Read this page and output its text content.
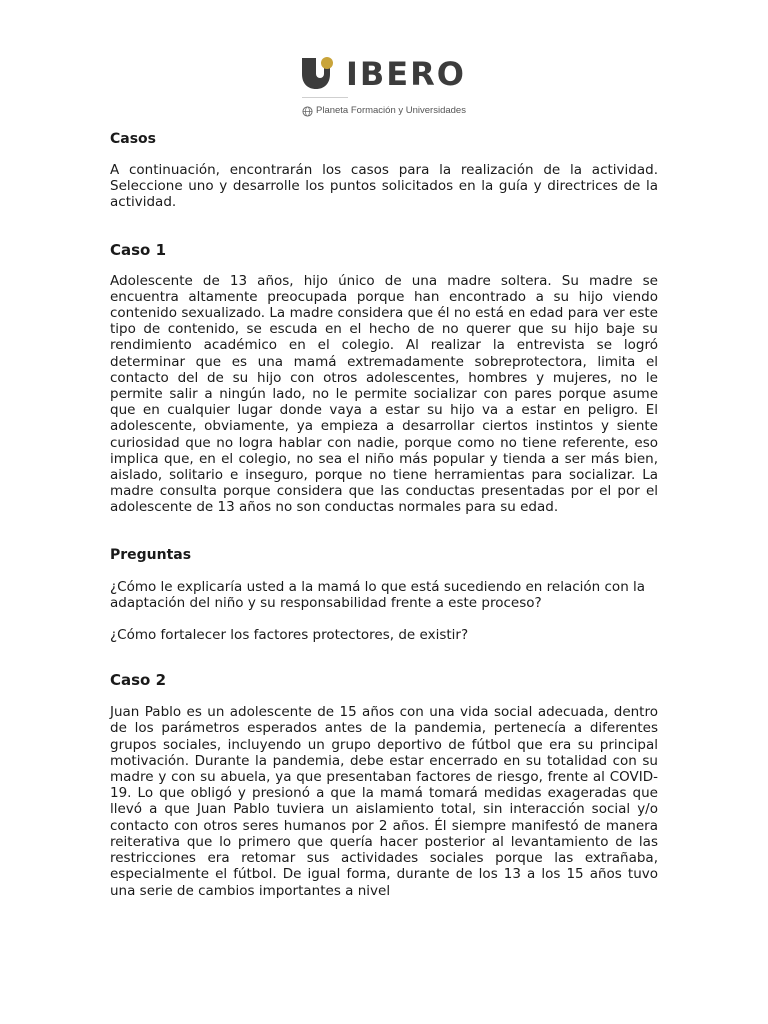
IBERO
Planeta Formación y Universidades
Casos

A continuación, encontrarán los casos para la realización de la actividad. Seleccione uno y desarrolle los puntos solicitados en la guía y directrices de la actividad.

Caso 1

Adolescente de 13 años, hijo único de una madre soltera. Su madre se encuentra altamente preocupada porque han encontrado a su hijo viendo contenido sexualizado. La madre considera que él no está en edad para ver este tipo de contenido, se escuda en el hecho de no querer que su hijo baje su rendimiento académico en el colegio. Al realizar la entrevista se logró determinar que es una mamá extremadamente sobreprotectora, limita el contacto del de su hijo con otros adolescentes, hombres y mujeres, no le permite salir a ningún lado, no le permite socializar con pares porque asume que en cualquier lugar donde vaya a estar su hijo va a estar en peligro. El adolescente, obviamente, ya empieza a desarrollar ciertos instintos y siente curiosidad que no logra hablar con nadie, porque como no tiene referente, eso implica que, en el colegio, no sea el niño más popular y tienda a ser más bien, aislado, solitario e inseguro, porque no tiene herramientas para socializar. La madre consulta porque considera que las conductas presentadas por el por el adolescente de 13 años no son conductas normales para su edad.

Preguntas

¿Cómo le explicaría usted a la mamá lo que está sucediendo en relación con la adaptación del niño y su responsabilidad frente a este proceso?

¿Cómo fortalecer los factores protectores, de existir?

Caso 2

Juan Pablo es un adolescente de 15 años con una vida social adecuada, dentro de los parámetros esperados antes de la pandemia, pertenecía a diferentes grupos sociales, incluyendo un grupo deportivo de fútbol que era su principal motivación. Durante la pandemia, debe estar encerrado en su totalidad con su madre y con su abuela, ya que presentaban factores de riesgo, frente al COVID-19. Lo que obligó y presionó a que la mamá tomará medidas exageradas que llevó a que Juan Pablo tuviera un aislamiento total, sin interacción social y/o contacto con otros seres humanos por 2 años. Él siempre manifestó de manera reiterativa que lo primero que quería hacer posterior al levantamiento de las restricciones era retomar sus actividades sociales porque las extrañaba, especialmente el fútbol. De igual forma, durante de los 13 a los 15 años tuvo una serie de cambios importantes a nivel
